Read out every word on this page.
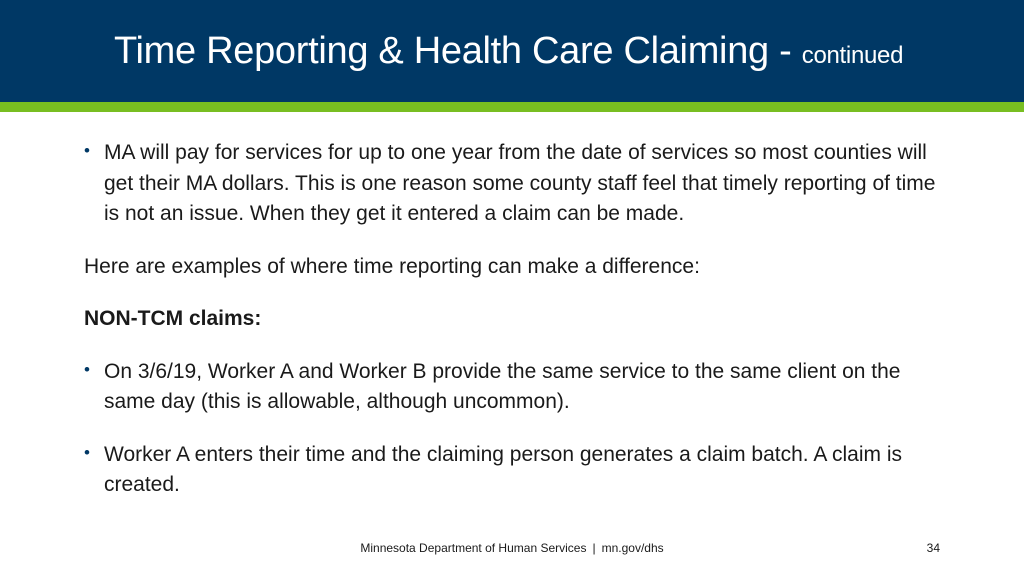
Time Reporting & Health Care Claiming - continued
• MA will pay for services for up to one year from the date of services so most counties will get their MA dollars. This is one reason some county staff feel that timely reporting of time is not an issue. When they get it entered a claim can be made.
Here are examples of where time reporting can make a difference:
NON-TCM claims:
• On 3/6/19, Worker A and Worker B provide the same service to the same client on the same day (this is allowable, although uncommon).
• Worker A enters their time and the claiming person generates a claim batch. A claim is created.
Minnesota Department of Human Services | mn.gov/dhs	34
